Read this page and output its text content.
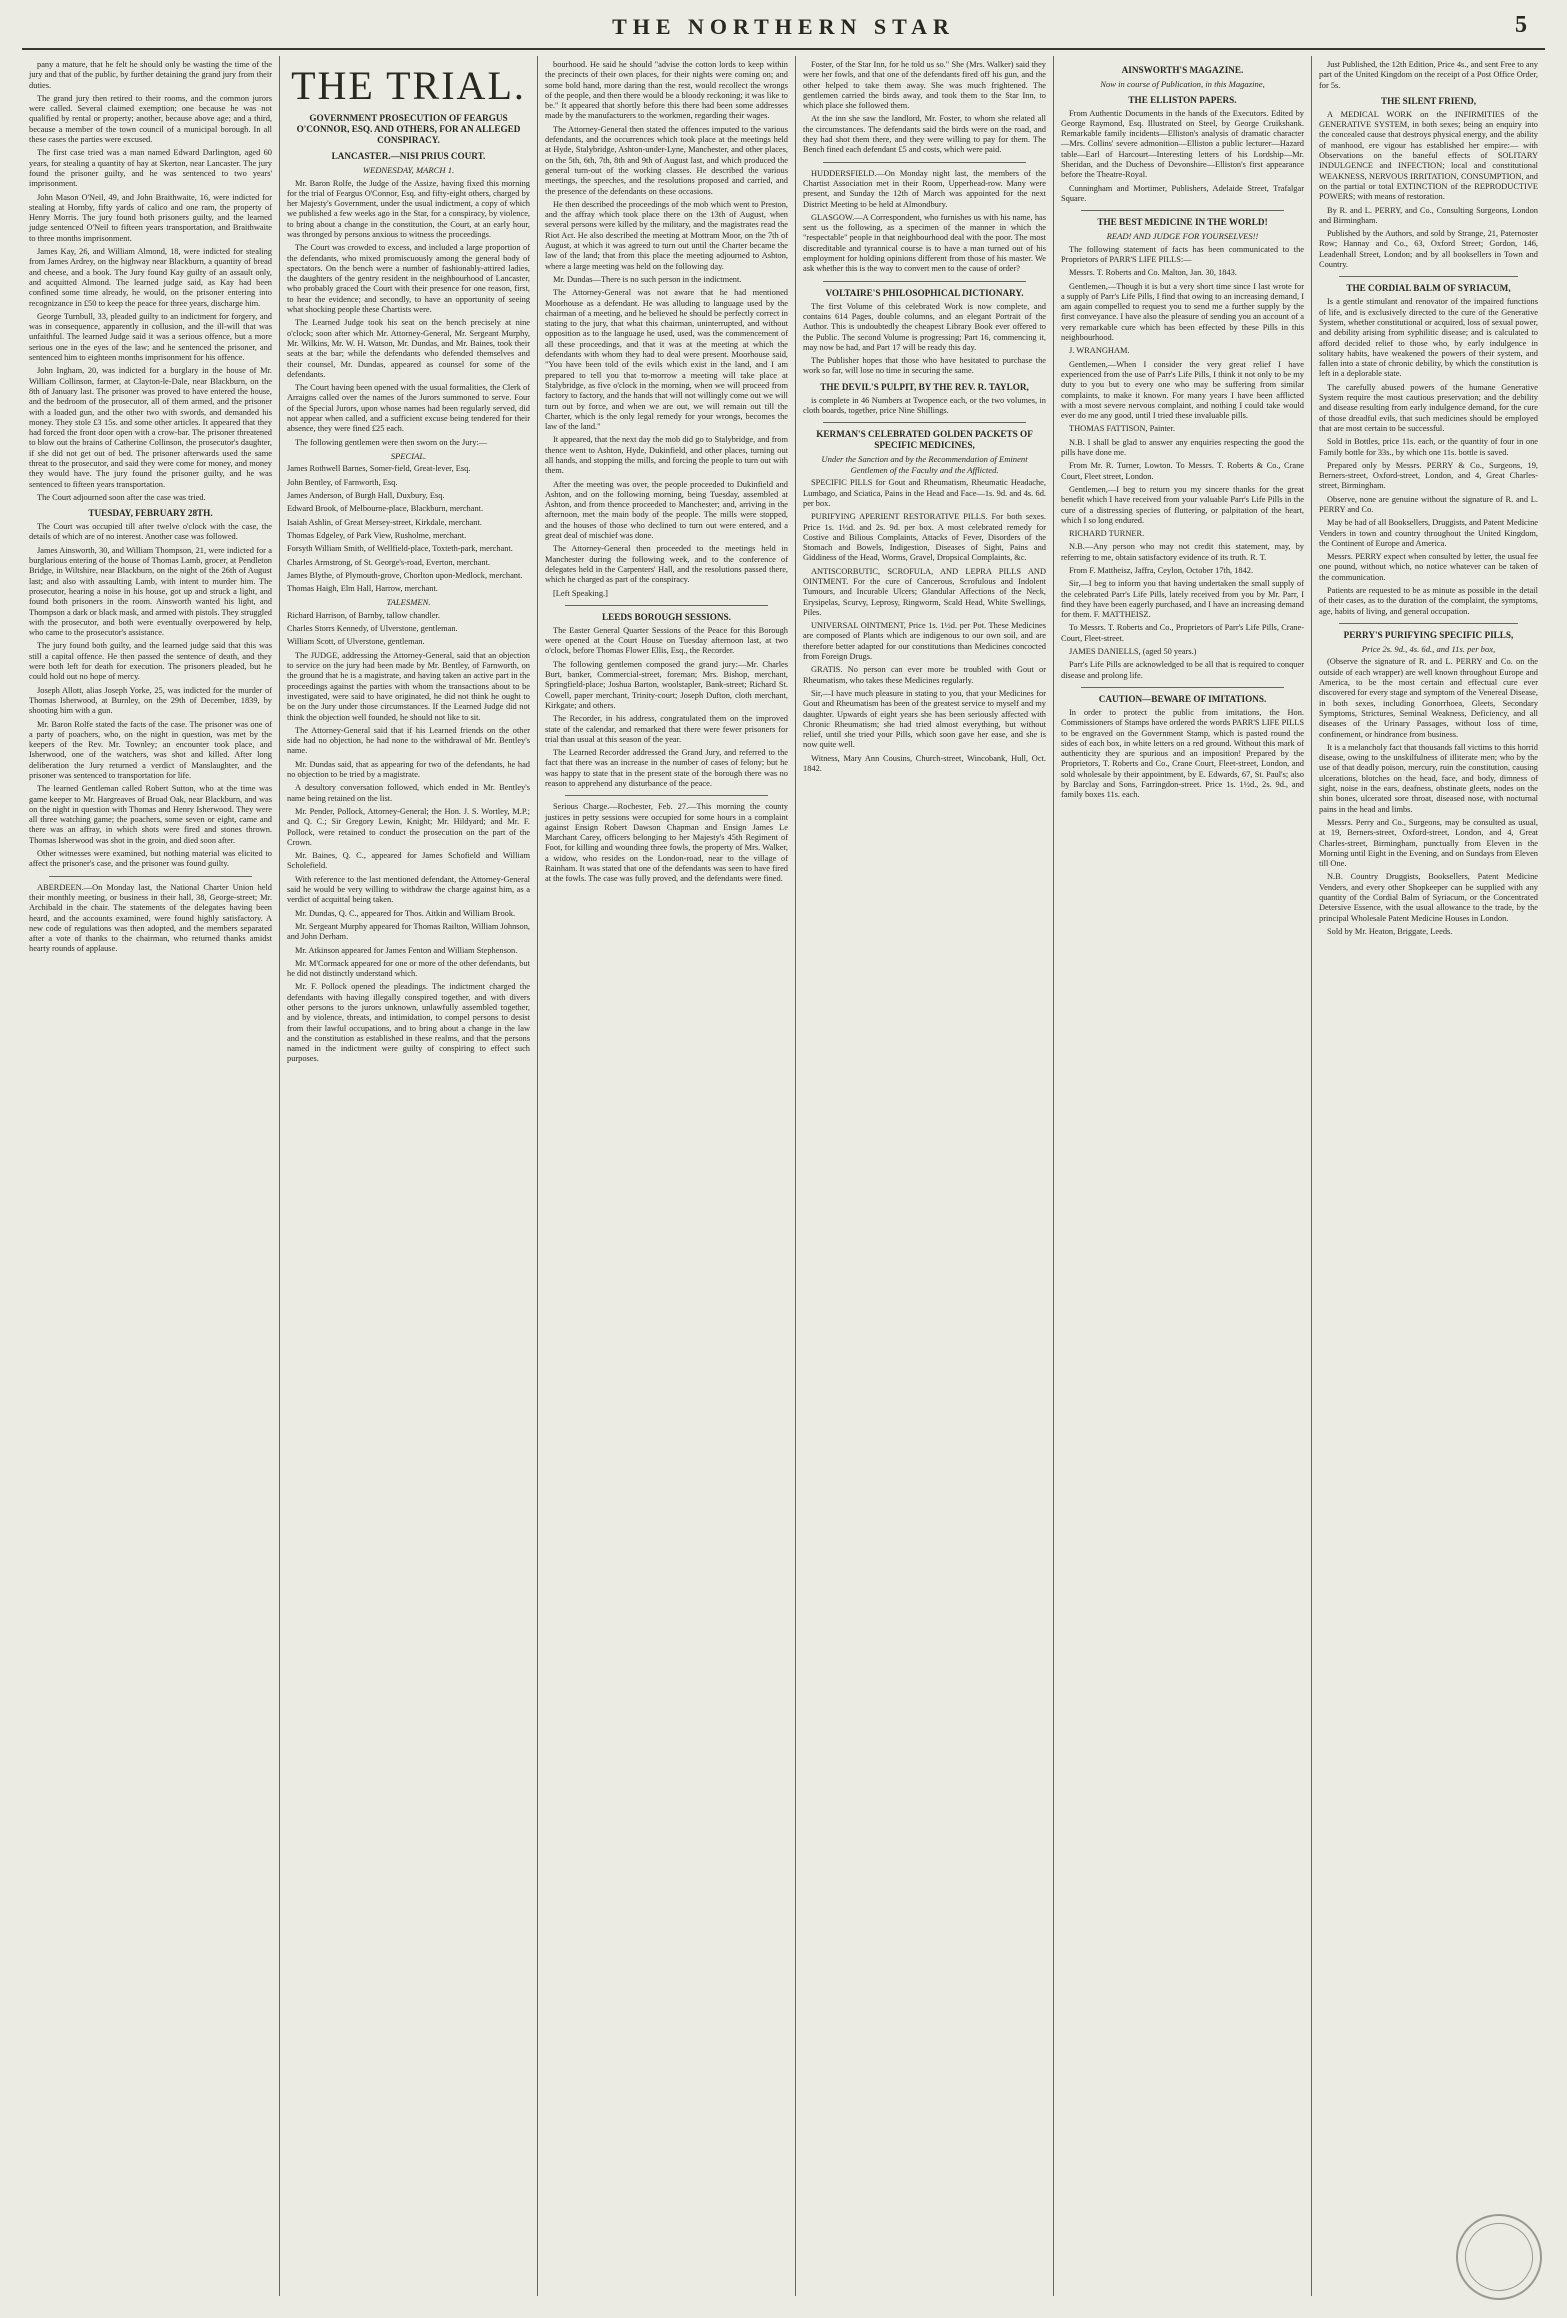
THE NORTHERN STAR	5

pany a mature, that he felt he should only be wasting the time of the jury and that of the public, by further detaining the grand jury from their duties.

The grand jury then retired to their rooms, and the common jurors were called. Several claimed exemption; one because he was not qualified by rental or property; another, because above age; and a third, because a member of the town council of a municipal borough. In all these cases the parties were excused.

The first case tried was a man named Edward Darlington, aged 60 years, for stealing a quantity of hay at Skerton, near Lancaster. The jury found the prisoner guilty, and he was sentenced to two years' imprisonment.

John Mason O'Neil, 49, and John Braithwaite, 16, were indicted for stealing at Hornby, fifty yards of calico and one ram, the property of Henry Morris. The jury found both prisoners guilty, and the learned judge sentenced O'Neil to fifteen years transportation, and Braithwaite to three months imprisonment.

James Kay, 26, and William Almond, 18, were indicted for stealing from James Ardrey, on the highway near Blackburn, a quantity of bread and cheese, and a book. The Jury found Kay guilty of an assault only, and acquitted Almond. The learned judge said, as Kay had been confined some time already, he would, on the prisoner entering into recognizance in £50 to keep the peace for three years, discharge him.

George Turnbull, 33, pleaded guilty to an indictment for forgery, and was in consequence, apparently in collusion, and the ill-will that was unfaithful. The learned Judge said it was a serious offence, but a more serious one in the eyes of the law; and he sentenced the prisoner, and sentenced him to eighteen months imprisonment for his offence.

John Ingham, 20, was indicted for a burglary in the house of Mr. William Collinson, farmer, at Clayton-le-Dale, near Blackburn, on the 8th of January last. The prisoner was proved to have entered the house, and the bedroom of the prosecutor, all of them armed, and the prisoner with a loaded gun, and the other two with swords, and demanded his money. They stole £3 15s. and some other articles. It appeared that they had forced the front door open with a crow-bar. The prisoner threatened to blow out the brains of Catherine Collinson, the prosecutor's daughter, if she did not get out of bed. The prisoner afterwards used the same threat to the prosecutor, and said they were come for money, and money they would have. The jury found the prisoner guilty, and he was sentenced to fifteen years transportation.

The Court adjourned soon after the case was tried.

TUESDAY, FEBRUARY 28TH.

The Court was occupied till after twelve o'clock with the case, the details of which are of no interest. Another case was followed.

James Ainsworth, 30, and William Thompson, 21, were indicted for a burglarious entering of the house of Thomas Lamb, grocer, at Pendleton Bridge, in Wiltshire, near Blackburn, on the night of the 26th of August last; and also with assaulting Lamb, with intent to murder him. The prosecutor, hearing a noise in his house, got up and struck a light, and found both prisoners in the room. Ainsworth wanted his light, and Thompson a dark or black mask, and armed with pistols. They struggled with the prosecutor, and both were eventually overpowered by help, who came to the prosecutor's assistance.

The jury found both guilty, and the learned judge said that this was still a capital offence. He then passed the sentence of death, and they were both left for death for execution. The prisoners pleaded, but he could hold out no hope of mercy.

Joseph Allott, alias Joseph Yorke, 25, was indicted for the murder of Thomas Isherwood, at Burnley, on the 29th of December, 1839, by shooting him with a gun.

Mr. Baron Rolfe stated the facts of the case. The prisoner was one of a party of poachers, who, on the night in question, was met by the keepers of the Rev. Mr. Townley; an encounter took place, and Isherwood, one of the watchers, was shot and killed. After long deliberation the Jury returned a verdict of Manslaughter, and the prisoner was sentenced to transportation for life.

The learned Gentleman called Robert Sutton, who at the time was game keeper to Mr. Hargreaves of Broad Oak, near Blackburn, and was on the night in question with Thomas and Henry Isherwood. They were all three watching game; the poachers, some seven or eight, came and there was an affray, in which shots were fired and stones thrown. Thomas Isherwood was shot in the groin, and died soon after.

Other witnesses were examined, but nothing material was elicited to affect the prisoner's case, and the prisoner was found guilty.

ABERDEEN.—On Monday last, the National Charter Union held their monthly meeting, or business in their hall, 38, George-street; Mr. Archibald in the chair. The statements of the delegates having been heard, and the accounts examined, were found highly satisfactory. A new code of regulations was then adopted, and the members separated after a vote of thanks to the chairman, who returned thanks amidst hearty rounds of applause.

THE TRIAL.
GOVERNMENT PROSECUTION OF FEARGUS O'CONNOR, ESQ. AND OTHERS, FOR AN ALLEGED CONSPIRACY.
LANCASTER.—NISI PRIUS COURT.
WEDNESDAY, MARCH 1.

Mr. Baron Rolfe, the Judge of the Assize, having fixed this morning for the trial of Feargus O'Connor, Esq. and fifty-eight others, charged by her Majesty's Government, under the usual indictment, a copy of which we published a few weeks ago in the Star, for a conspiracy, by violence, to bring about a change in the constitution, the Court, at an early hour, was thronged by persons anxious to witness the proceedings.

The Court was crowded to excess, and included a large proportion of the defendants, who mixed promiscuously among the general body of spectators. On the bench were a number of fashionably-attired ladies, the daughters of the gentry resident in the neighbourhood of Lancaster, who probably graced the Court with their presence for one reason, first, to hear the evidence; and secondly, to have an opportunity of seeing what shocking people these Chartists were.

The Learned Judge took his seat on the bench precisely at nine o'clock; soon after which Mr. Attorney-General, Mr. Sergeant Murphy, Mr. Wilkins, Mr. W. H. Watson, Mr. Dundas, and Mr. Baines, took their seats at the bar; while the defendants who defended themselves and their counsel, Mr. Dundas, appeared as counsel for some of the defendants.

The Court having been opened with the usual formalities, the Clerk of Arraigns called over the names of the Jurors summoned to serve. Four of the Special Jurors, upon whose names had been regularly served, did not appear when called, and a sufficient excuse being tendered for their absence, they were fined £25 each.

The following gentlemen were then sworn on the Jury:—

SPECIAL.

James Rothwell Barnes, Somer-field, Great-lever, Esq.

John Bentley, of Farnworth, Esq.

James Anderson, of Burgh Hall, Duxbury, Esq.

Edward Brook, of Melbourne-place, Blackburn, merchant.

Isaiah Ashlin, of Great Mersey-street, Kirkdale, merchant.

Thomas Edgeley, of Park View, Rusholme, merchant.

Forsyth William Smith, of Wellfield-place, Toxteth-park, merchant.

Charles Armstrong, of St. George's-road, Everton, merchant.

James Blythe, of Plymouth-grove, Chorlton upon-Medlock, merchant.

Thomas Haigh, Elm Hall, Harrow, merchant.

TALESMEN.

Richard Harrison, of Barnby, tallow chandler.

Charles Storrs Kennedy, of Ulverstone, gentleman.

William Scott, of Ulverstone, gentleman.

The JUDGE, addressing the Attorney-General, said that an objection to service on the jury had been made by Mr. Bentley, of Farnworth, on the ground that he is a magistrate, and having taken an active part in the proceedings against the parties with whom the transactions about to be investigated, were said to have originated, he did not think he ought to be on the Jury under those circumstances. If the Learned Judge did not think the objection well founded, he should not like to sit.

The Attorney-General said that if his Learned friends on the other side had no objection, he had none to the withdrawal of Mr. Bentley's name.

Mr. Dundas said, that as appearing for two of the defendants, he had no objection to be tried by a magistrate.

A desultory conversation followed, which ended in Mr. Bentley's name being retained on the list.

Mr. Pender, Pollock, Attorney-General; the Hon. J. S. Wortley, M.P.; and Q. C.; Sir Gregory Lewin, Knight; Mr. Hildyard; and Mr. F. Pollock, were retained to conduct the prosecution on the part of the Crown.

Mr. Baines, Q. C., appeared for James Schofield and William Scholefield.

With reference to the last mentioned defendant, the Attorney-General said he would be very willing to withdraw the charge against him, as a verdict of acquittal being taken.

Mr. Dundas, Q. C., appeared for Thos. Aitkin and William Brook.

Mr. Sergeant Murphy appeared for Thomas Railton, William Johnson, and John Derham.

Mr. Atkinson appeared for James Fenton and William Stephenson.

Mr. M'Cormack appeared for one or more of the other defendants, but he did not distinctly understand which.

Mr. F. Pollock opened the pleadings. The indictment charged the defendants with having illegally conspired together, and with divers other persons to the jurors unknown, unlawfully assembled together, and by violence, threats, and intimidation, to compel persons to desist from their lawful occupations, and to bring about a change in the law and the constitution as established in these realms, and that the persons named in the indictment were guilty of conspiring to effect such purposes.

bourhood. He said he should "advise the cotton lords to keep within the precincts of their own places, for their nights were coming on; and some bold hand, more daring than the rest, would recollect the wrongs of the people, and then there would be a bloody reckoning; it was like to be." It appeared that shortly before this there had been some addresses made by the manufacturers to the workmen, regarding their wages.

The Attorney-General then stated the offences imputed to the various defendants, and the occurrences which took place at the meetings held at Hyde, Stalybridge, Ashton-under-Lyne, Manchester, and other places, on the 5th, 6th, 7th, 8th and 9th of August last, and which produced the general turn-out of the working classes. He described the various meetings, the speeches, and the resolutions proposed and carried, and the presence of the defendants on these occasions.

He then described the proceedings of the mob which went to Preston, and the affray which took place there on the 13th of August, when several persons were killed by the military, and the magistrates read the Riot Act. He also described the meeting at Mottram Moor, on the 7th of August, at which it was agreed to turn out until the Charter became the law of the land; that from this place the meeting adjourned to Ashton, where a large meeting was held on the following day.

Mr. Dundas—There is no such person in the indictment.

The Attorney-General was not aware that he had mentioned Moorhouse as a defendant. He was alluding to language used by the chairman of a meeting, and he believed he should be perfectly correct in stating to the jury, that what this chairman, uninterrupted, and without opposition as to the language he used, used, was the commencement of all these proceedings, and that it was at the meeting at which the defendants with whom they had to deal were present. Moorhouse said, "You have been told of the evils which exist in the land, and I am prepared to tell you that to-morrow a meeting will take place at Stalybridge, as five o'clock in the morning, when we will proceed from factory to factory, and the hands that will not willingly come out we will turn out by force, and when we are out, we will remain out till the Charter, which is the only legal remedy for your wrongs, becomes the law of the land."

It appeared, that the next day the mob did go to Stalybridge, and from thence went to Ashton, Hyde, Dukinfield, and other places, turning out all hands, and stopping the mills, and forcing the people to turn out with them.

After the meeting was over, the people proceeded to Dukinfield and Ashton, and on the following morning, being Tuesday, assembled at Ashton, and from thence proceeded to Manchester; and, arriving in the afternoon, met the main body of the people. The mills were stopped, and the houses of those who declined to turn out were entered, and a great deal of mischief was done.

The Attorney-General then proceeded to the meetings held in Manchester during the following week, and to the conference of delegates held in the Carpenters' Hall, and the resolutions passed there, which he charged as part of the conspiracy.

[Left Speaking.]

LEEDS BOROUGH SESSIONS.

The Easter General Quarter Sessions of the Peace for this Borough were opened at the Court House on Tuesday afternoon last, at two o'clock, before Thomas Flower Ellis, Esq., the Recorder.

The following gentlemen composed the grand jury:—Mr. Charles Burt, banker, Commercial-street, foreman; Mrs. Bishop, merchant, Springfield-place; Joshua Barton, woolstapler, Bank-street; Richard St. Cowell, paper merchant, Trinity-court; Joseph Dufton, cloth merchant, Kirkgate; and others.

The Recorder, in his address, congratulated them on the improved state of the calendar, and remarked that there were fewer prisoners for trial than usual at this season of the year.

The Learned Recorder addressed the Grand Jury, and referred to the fact that there was an increase in the number of cases of felony; but he was happy to state that in the present state of the borough there was no reason to apprehend any disturbance of the peace.

Serious Charge.—Rochester, Feb. 27.—This morning the county justices in petty sessions were occupied for some hours in a complaint against Ensign Robert Dawson Chapman and Ensign James Le Marchant Carey, officers belonging to her Majesty's 45th Regiment of Foot, for killing and wounding three fowls, the property of Mrs. Walker, a widow, who resides on the London-road, near to the village of Rainham. It was stated that one of the defendants was seen to have fired at the fowls. The case was fully proved, and the defendants were fined.

Foster, of the Star Inn, for he told us so." She (Mrs. Walker) said they were her fowls, and that one of the defendants fired off his gun, and the other helped to take them away. She was much frightened. The gentlemen carried the birds away, and took them to the Star Inn, to which place she followed them.

At the inn she saw the landlord, Mr. Foster, to whom she related all the circumstances. The defendants said the birds were on the road, and they had shot them there, and they were willing to pay for them. The Bench fined each defendant £5 and costs, which were paid.

HUDDERSFIELD.—On Monday night last, the members of the Chartist Association met in their Room, Upperhead-row. Many were present, and Sunday the 12th of March was appointed for the next District Meeting to be held at Almondbury.

GLASGOW.—A Correspondent, who furnishes us with his name, has sent us the following, as a specimen of the manner in which the "respectable" people in that neighbourhood deal with the poor. The most discreditable and tyrannical course is to have a man turned out of his employment for holding opinions different from those of his master. We ask whether this is the way to convert men to the cause of order?

VOLTAIRE'S PHILOSOPHICAL DICTIONARY.

The first Volume of this celebrated Work is now complete, and contains 614 Pages, double columns, and an elegant Portrait of the Author. This is undoubtedly the cheapest Library Book ever offered to the Public. The second Volume is progressing; Part 16, commencing it, may now be had, and Part 17 will be ready this day.

The Publisher hopes that those who have hesitated to purchase the work so far, will lose no time in securing the same.

THE DEVIL'S PULPIT, BY THE REV. R. TAYLOR,

is complete in 46 Numbers at Twopence each, or the two volumes, in cloth boards, together, price Nine Shillings.

KERMAN'S CELEBRATED GOLDEN PACKETS OF SPECIFIC MEDICINES,
Under the Sanction and by the Recommendation of Eminent Gentlemen of the Faculty and the Afflicted.

SPECIFIC PILLS for Gout and Rheumatism, Rheumatic Headache, Lumbago, and Sciatica, Pains in the Head and Face—1s. 9d. and 4s. 6d. per box.

PURIFYING APERIENT RESTORATIVE PILLS. For both sexes. Price 1s. 1½d. and 2s. 9d. per box. A most celebrated remedy for Costive and Bilious Complaints, Attacks of Fever, Disorders of the Stomach and Bowels, Indigestion, Diseases of Sight, Pains and Giddiness of the Head, Worms, Gravel, Dropsical Complaints, &c.

ANTISCORBUTIC, SCROFULA, AND LEPRA PILLS AND OINTMENT. For the cure of Cancerous, Scrofulous and Indolent Tumours, and Incurable Ulcers; Glandular Affections of the Neck, Erysipelas, Scurvy, Leprosy, Ringworm, Scald Head, White Swellings, Piles.

UNIVERSAL OINTMENT, Price 1s. 1½d. per Pot. These Medicines are composed of Plants which are indigenous to our own soil, and are therefore better adapted for our constitutions than Medicines concocted from Foreign Drugs.

GRATIS. No person can ever more be troubled with Gout or Rheumatism, who takes these Medicines regularly.

Sir,—I have much pleasure in stating to you, that your Medicines for Gout and Rheumatism has been of the greatest service to myself and my daughter. Upwards of eight years she has been seriously affected with Chronic Rheumatism; she had tried almost everything, but without relief, until she tried your Pills, which soon gave her ease, and she is now quite well.

Witness, Mary Ann Cousins, Church-street, Wincobank, Hull, Oct. 1842.

AINSWORTH'S MAGAZINE.
Now in course of Publication, in this Magazine,
THE ELLISTON PAPERS.

From Authentic Documents in the hands of the Executors. Edited by George Raymond, Esq. Illustrated on Steel, by George Cruikshank. Remarkable family incidents—Elliston's analysis of dramatic character—Mrs. Collins' severe admonition—Elliston a public lecturer—Hazard table—Earl of Harcourt—Interesting letters of his Lordship—Mr. Sheridan, and the Duchess of Devonshire—Elliston's first appearance before the Theatre-Royal.

Cunningham and Mortimer, Publishers, Adelaide Street, Trafalgar Square.

THE BEST MEDICINE IN THE WORLD!
READ! AND JUDGE FOR YOURSELVES!!

The following statement of facts has been communicated to the Proprietors of PARR'S LIFE PILLS:—

Messrs. T. Roberts and Co. Malton, Jan. 30, 1843.

Gentlemen,—Though it is but a very short time since I last wrote for a supply of Parr's Life Pills, I find that owing to an increasing demand, I am again compelled to request you to send me a further supply by the first conveyance. I have also the pleasure of sending you an account of a very remarkable cure which has been effected by these Pills in this neighbourhood.

J. WRANGHAM.

Gentlemen,—When I consider the very great relief I have experienced from the use of Parr's Life Pills, I think it not only to be my duty to you but to every one who may be suffering from similar complaints, to make it known. For many years I have been afflicted with a most severe nervous complaint, and nothing I could take would ever do me any good, until I tried these invaluable pills.

THOMAS FATTISON, Painter.

N.B. I shall be glad to answer any enquiries respecting the good the pills have done me.

From Mr. R. Turner, Lowton. To Messrs. T. Roberts & Co., Crane Court, Fleet street, London.

Gentlemen,—I beg to return you my sincere thanks for the great benefit which I have received from your valuable Parr's Life Pills in the cure of a distressing species of fluttering, or palpitation of the heart, which I so long endured.

RICHARD TURNER.

N.B.—Any person who may not credit this statement, may, by referring to me, obtain satisfactory evidence of its truth. R. T.

From F. Mattheisz, Jaffra, Ceylon, October 17th, 1842.

Sir,—I beg to inform you that having undertaken the small supply of the celebrated Parr's Life Pills, lately received from you by Mr. Parr, I find they have been eagerly purchased, and I have an increasing demand for them. F. MATTHEISZ.

To Messrs. T. Roberts and Co., Proprietors of Parr's Life Pills, Crane-Court, Fleet-street.

JAMES DANIELLS, (aged 50 years.)

Parr's Life Pills are acknowledged to be all that is required to conquer disease and prolong life.

CAUTION—BEWARE OF IMITATIONS.

In order to protect the public from imitations, the Hon. Commissioners of Stamps have ordered the words PARR'S LIFE PILLS to be engraved on the Government Stamp, which is pasted round the sides of each box, in white letters on a red ground. Without this mark of authenticity they are spurious and an imposition! Prepared by the Proprietors, T. Roberts and Co., Crane Court, Fleet-street, London, and sold wholesale by their appointment, by E. Edwards, 67, St. Paul's; also by Barclay and Sons, Farringdon-street. Price 1s. 1½d., 2s. 9d., and family boxes 11s. each.

Just Published, the 12th Edition, Price 4s., and sent Free to any part of the United Kingdom on the receipt of a Post Office Order, for 5s.

THE SILENT FRIEND,

A MEDICAL WORK on the INFIRMITIES of the GENERATIVE SYSTEM, in both sexes; being an enquiry into the concealed cause that destroys physical energy, and the ability of manhood, ere vigour has established her empire:— with Observations on the baneful effects of SOLITARY INDULGENCE and INFECTION; local and constitutional WEAKNESS, NERVOUS IRRITATION, CONSUMPTION, and on the partial or total EXTINCTION of the REPRODUCTIVE POWERS; with means of restoration.

By R. and L. PERRY, and Co., Consulting Surgeons, London and Birmingham.

Published by the Authors, and sold by Strange, 21, Paternoster Row; Hannay and Co., 63, Oxford Street; Gordon, 146, Leadenhall Street, London; and by all booksellers in Town and Country.

THE CORDIAL BALM OF SYRIACUM,

Is a gentle stimulant and renovator of the impaired functions of life, and is exclusively directed to the cure of the Generative System, whether constitutional or acquired, loss of sexual power, and debility arising from syphilitic disease; and is calculated to afford decided relief to those who, by early indulgence in solitary habits, have weakened the powers of their system, and fallen into a state of chronic debility, by which the constitution is left in a deplorable state.

The carefully abused powers of the humane Generative System require the most cautious preservation; and the debility and disease resulting from early indulgence demand, for the cure of those dreadful evils, that such medicines should be employed that are most certain to be successful.

Sold in Bottles, price 11s. each, or the quantity of four in one Family bottle for 33s., by which one 11s. bottle is saved.

Prepared only by Messrs. PERRY & Co., Surgeons, 19, Berners-street, Oxford-street, London, and 4, Great Charles-street, Birmingham.

Observe, none are genuine without the signature of R. and L. PERRY and Co.

May be had of all Booksellers, Druggists, and Patent Medicine Venders in town and country throughout the United Kingdom, the Continent of Europe and America.

Messrs. PERRY expect when consulted by letter, the usual fee one pound, without which, no notice whatever can be taken of the communication.

Patients are requested to be as minute as possible in the detail of their cases, as to the duration of the complaint, the symptoms, age, habits of living, and general occupation.

PERRY'S PURIFYING SPECIFIC PILLS,
Price 2s. 9d., 4s. 6d., and 11s. per box,

(Observe the signature of R. and L. PERRY and Co. on the outside of each wrapper) are well known throughout Europe and America, to be the most certain and effectual cure ever discovered for every stage and symptom of the Venereal Disease, in both sexes, including Gonorrhoea, Gleets, Secondary Symptoms, Strictures, Seminal Weakness, Deficiency, and all diseases of the Urinary Passages, without loss of time, confinement, or hindrance from business.

It is a melancholy fact that thousands fall victims to this horrid disease, owing to the unskilfulness of illiterate men; who by the use of that deadly poison, mercury, ruin the constitution, causing ulcerations, blotches on the head, face, and body, dimness of sight, noise in the ears, deafness, obstinate gleets, nodes on the shin bones, ulcerated sore throat, diseased nose, with nocturnal pains in the head and limbs.

Messrs. Perry and Co., Surgeons, may be consulted as usual, at 19, Berners-street, Oxford-street, London, and 4, Great Charles-street, Birmingham, punctually from Eleven in the Morning until Eight in the Evening, and on Sundays from Eleven till One.

N.B. Country Druggists, Booksellers, Patent Medicine Venders, and every other Shopkeeper can be supplied with any quantity of the Cordial Balm of Syriacum, or the Concentrated Detersive Essence, with the usual allowance to the trade, by the principal Wholesale Patent Medicine Houses in London.

Sold by Mr. Heaton, Briggate, Leeds.
